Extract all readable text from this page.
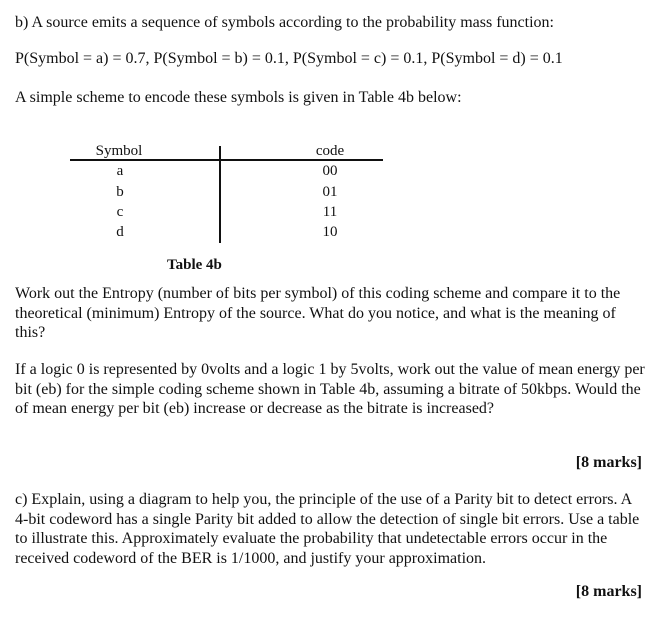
b) A source emits a sequence of symbols according to the probability mass function:
P(Symbol = a) = 0.7, P(Symbol = b) = 0.1, P(Symbol = c) = 0.1, P(Symbol = d) = 0.1
A simple scheme to encode these symbols is given in Table 4b below:
Symbol	code
a
b
c
d
00
01
11
10
Table 4b
Work out the Entropy (number of bits per symbol) of this coding scheme and compare it to the theoretical (minimum) Entropy of the source. What do you notice, and what is the meaning of this?
If a logic 0 is represented by 0volts and a logic 1 by 5volts, work out the value of mean energy per bit (eb) for the simple coding scheme shown in Table 4b, assuming a bitrate of 50kbps. Would the of mean energy per bit (eb) increase or decrease as the bitrate is increased?
[8 marks]
c) Explain, using a diagram to help you, the principle of the use of a Parity bit to detect errors. A 4-bit codeword has a single Parity bit added to allow the detection of single bit errors. Use a table to illustrate this. Approximately evaluate the probability that undetectable errors occur in the received codeword of the BER is 1/1000, and justify your approximation.
[8 marks]
